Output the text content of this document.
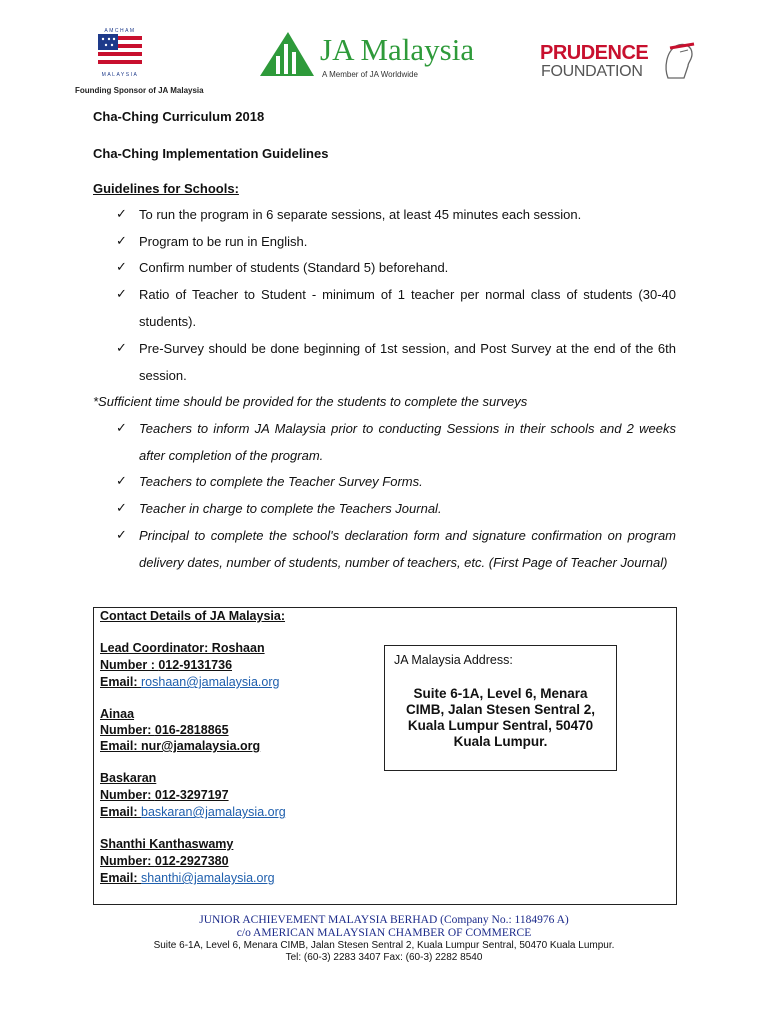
AMCHAM
MALAYSIA
Founding Sponsor of JA Malaysia
JA Malaysia
A Member of JA Worldwide
PRUDENCE
FOUNDATION
Cha-Ching Curriculum 2018
Cha-Ching Implementation Guidelines
Guidelines for Schools:
✓ To run the program in 6 separate sessions, at least 45 minutes each session.
✓ Program to be run in English.
✓ Confirm number of students (Standard 5) beforehand.
✓ Ratio of Teacher to Student - minimum of 1 teacher per normal class of students (30-40 students).
✓ Pre-Survey should be done beginning of 1st session, and Post Survey at the end of the 6th session.
*Sufficient time should be provided for the students to complete the surveys
✓ Teachers to inform JA Malaysia prior to conducting Sessions in their schools and 2 weeks after completion of the program.
✓ Teachers to complete the Teacher Survey Forms.
✓ Teacher in charge to complete the Teachers Journal.
✓ Principal to complete the school's declaration form and signature confirmation on program delivery dates, number of students, number of teachers, etc. (First Page of Teacher Journal)
Contact Details of JA Malaysia:
Lead Coordinator: Roshaan
Number : 012-9131736
Email: roshaan@jamalaysia.org
Ainaa
Number: 016-2818865
Email: nur@jamalaysia.org
Baskaran
Number: 012-3297197
Email: baskaran@jamalaysia.org
Shanthi Kanthaswamy
Number: 012-2927380
Email: shanthi@jamalaysia.org
JA Malaysia Address:
Suite 6-1A, Level 6, Menara
CIMB, Jalan Stesen Sentral 2,
Kuala Lumpur Sentral, 50470
Kuala Lumpur.
JUNIOR ACHIEVEMENT MALAYSIA BERHAD (Company No.: 1184976 A)
c/o AMERICAN MALAYSIAN CHAMBER OF COMMERCE
Suite 6-1A, Level 6, Menara CIMB, Jalan Stesen Sentral 2, Kuala Lumpur Sentral, 50470 Kuala Lumpur.
Tel: (60-3) 2283 3407 Fax: (60-3) 2282 8540
